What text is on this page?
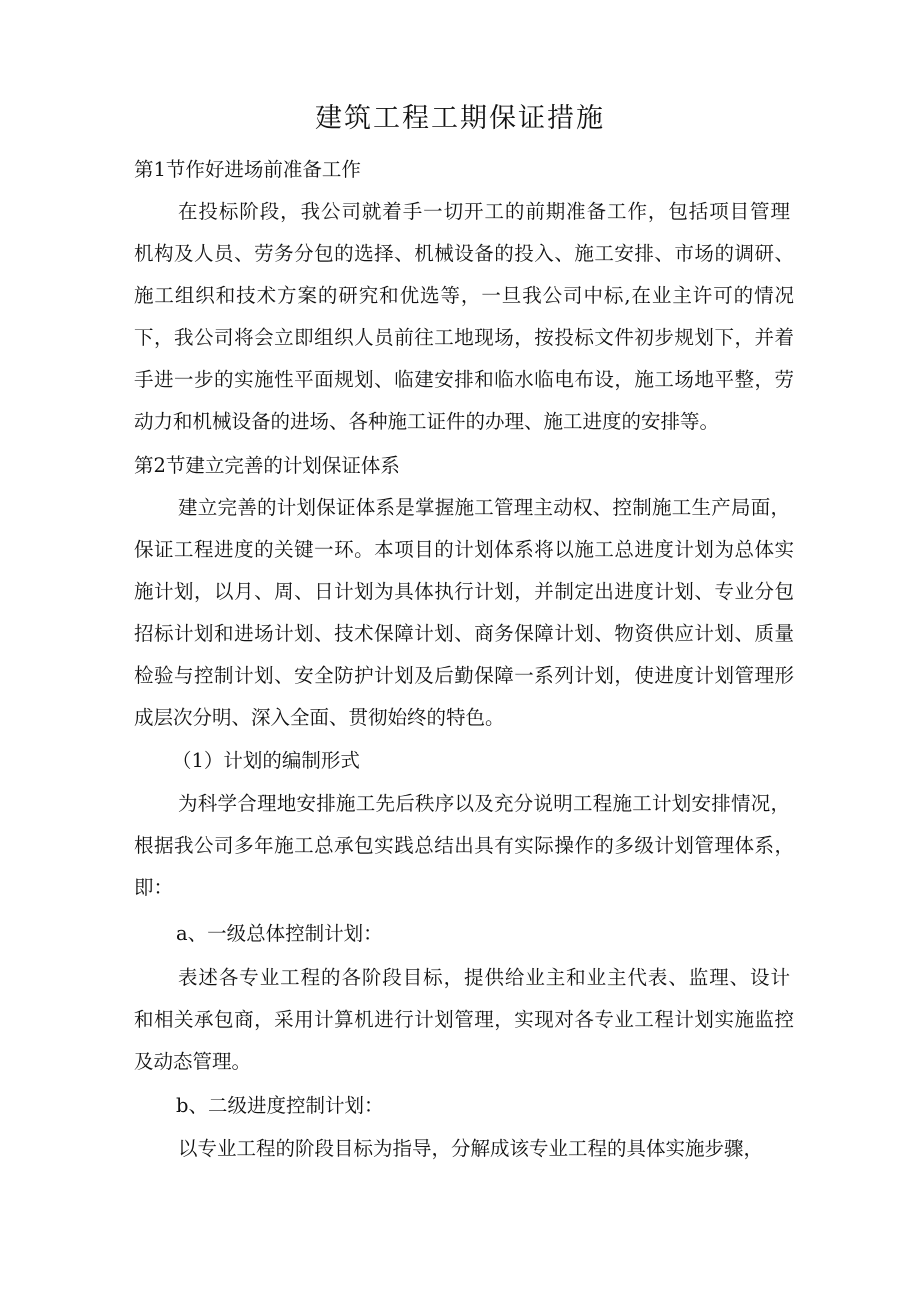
建筑工程工期保证措施
第1节作好进场前准备工作
在投标阶段，我公司就着手一切开工的前期准备工作，包括项目管理
机构及人员、劳务分包的选择、机械设备的投入、施工安排、市场的调研、
施工组织和技术方案的研究和优选等，一旦我公司中标,在业主许可的情况
下，我公司将会立即组织人员前往工地现场，按投标文件初步规划下，并着
手进一步的实施性平面规划、临建安排和临水临电布设，施工场地平整，劳
动力和机械设备的进场、各种施工证件的办理、施工进度的安排等。
第2节建立完善的计划保证体系
建立完善的计划保证体系是掌握施工管理主动权、控制施工生产局面，
保证工程进度的关键一环。本项目的计划体系将以施工总进度计划为总体实
施计划，以月、周、日计划为具体执行计划，并制定出进度计划、专业分包
招标计划和进场计划、技术保障计划、商务保障计划、物资供应计划、质量
检验与控制计划、安全防护计划及后勤保障一系列计划，使进度计划管理形
成层次分明、深入全面、贯彻始终的特色。
（1）计划的编制形式
为科学合理地安排施工先后秩序以及充分说明工程施工计划安排情况，
根据我公司多年施工总承包实践总结出具有实际操作的多级计划管理体系，
即：
a、一级总体控制计划：
表述各专业工程的各阶段目标，提供给业主和业主代表、监理、设计
和相关承包商，采用计算机进行计划管理，实现对各专业工程计划实施监控
及动态管理。
b、二级进度控制计划：
以专业工程的阶段目标为指导，分解成该专业工程的具体实施步骤，
